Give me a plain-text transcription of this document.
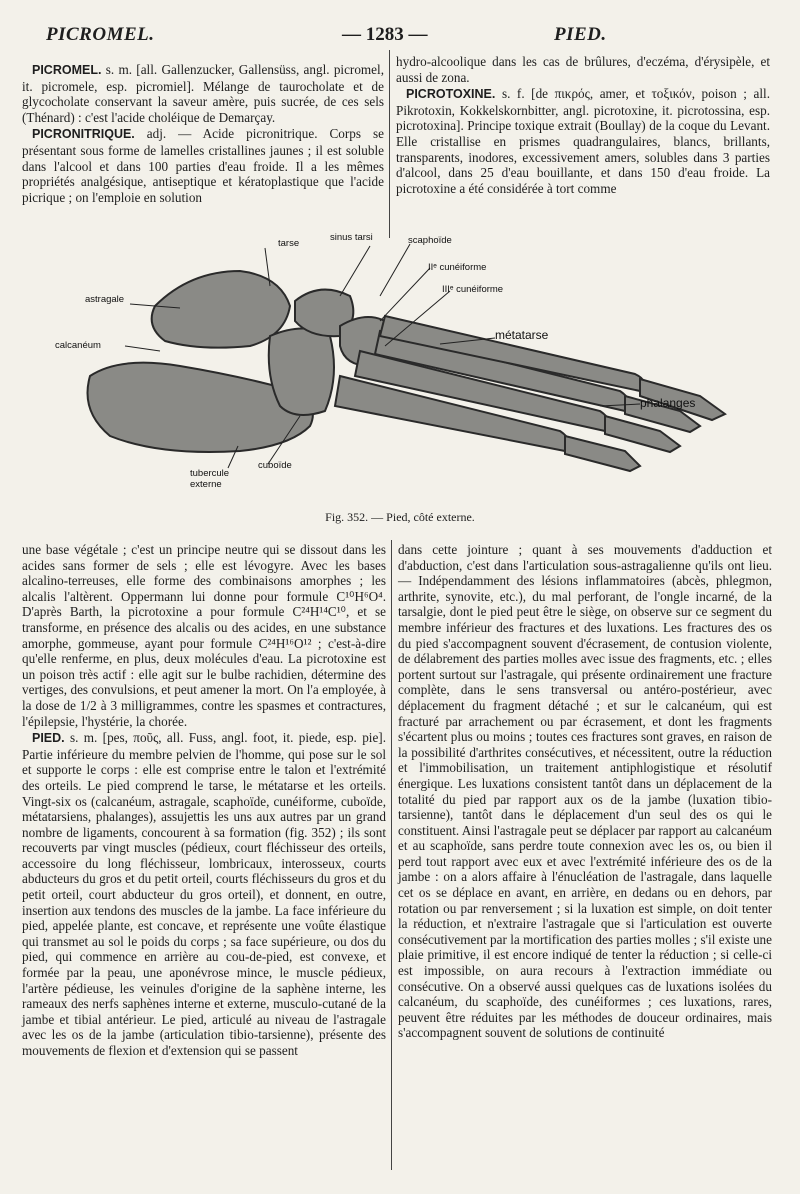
PICROMEL.	— 1283 —	PIED.

PICROMEL. s. m. [all. Gallenzucker, Gallensüss, angl. picromel, it. picromele, esp. picromiel]. Mélange de taurocholate et de glycocholate conservant la saveur amère, puis sucrée, de ces sels (Thénard) : c'est l'acide choléique de Demarçay.

PICRONITRIQUE. adj. — Acide picronitrique. Corps se présentant sous forme de lamelles cristallines jaunes ; il est soluble dans l'alcool et dans 100 parties d'eau froide. Il a les mêmes propriétés analgésique, antiseptique et kératoplastique que l'acide picrique ; on l'emploie en solution

hydro-alcoolique dans les cas de brûlures, d'eczéma, d'érysipèle, et aussi de zona.

PICROTOXINE. s. f. [de πικρός, amer, et τοξικόν, poison ; all. Pikrotoxin, Kokkelskornbitter, angl. picrotoxine, it. picrotossina, esp. picrotoxina]. Principe toxique extrait (Boullay) de la coque du Levant. Elle cristallise en prismes quadrangulaires, blancs, brillants, transparents, inodores, excessivement amers, solubles dans 3 parties d'alcool, dans 25 d'eau bouillante, et dans 150 d'eau froide. La picrotoxine a été considérée à tort comme

astragale
calcanéum
tarse
sinus tarsi	scaphoïde
IIᵉ cunéiforme
IIIᵉ cunéiforme
métatarse
phalanges
tubercule externe
cuboïde
Fig. 352. — Pied, côté externe.

une base végétale ; c'est un principe neutre qui se dissout dans les acides sans former de sels ; elle est lévogyre. Avec les bases alcalino-terreuses, elle forme des combinaisons amorphes ; les alcalis l'altèrent. Oppermann lui donne pour formule C¹⁰H⁶O⁴. D'après Barth, la picrotoxine a pour formule C²⁴H¹⁴C¹⁰, et se transforme, en présence des alcalis ou des acides, en une substance amorphe, gommeuse, ayant pour formule C²⁴H¹⁶O¹² ; c'est-à-dire qu'elle renferme, en plus, deux molécules d'eau. La picrotoxine est un poison très actif : elle agit sur le bulbe rachidien, détermine des vertiges, des convulsions, et peut amener la mort. On l'a employée, à la dose de 1/2 à 3 milligrammes, contre les spasmes et contractures, l'épilepsie, l'hystérie, la chorée.

PIED. s. m. [pes, ποῦς, all. Fuss, angl. foot, it. piede, esp. pie]. Partie inférieure du membre pelvien de l'homme, qui pose sur le sol et supporte le corps : elle est comprise entre le talon et l'extrémité des orteils. Le pied comprend le tarse, le métatarse et les orteils. Vingt-six os (calcanéum, astragale, scaphoïde, cunéiforme, cuboïde, métatarsiens, phalanges), assujettis les uns aux autres par un grand nombre de ligaments, concourent à sa formation (fig. 352) ; ils sont recouverts par vingt muscles (pédieux, court fléchisseur des orteils, accessoire du long fléchisseur, lombricaux, interosseux, courts abducteurs du gros et du petit orteil, courts fléchisseurs du gros et du petit orteil, court abducteur du gros orteil), et donnent, en outre, insertion aux tendons des muscles de la jambe. La face inférieure du pied, appelée plante, est concave, et représente une voûte élastique qui transmet au sol le poids du corps ; sa face supérieure, ou dos du pied, qui commence en arrière au cou-de-pied, est convexe, et formée par la peau, une aponévrose mince, le muscle pédieux, l'artère pédieuse, les veinules d'origine de la saphène interne, les rameaux des nerfs saphènes interne et externe, musculo-cutané de la jambe et tibial antérieur. Le pied, articulé au niveau de l'astragale avec les os de la jambe (articulation tibio-tarsienne), présente des mouvements de flexion et d'extension qui se passent

dans cette jointure ; quant à ses mouvements d'adduction et d'abduction, c'est dans l'articulation sous-astragalienne qu'ils ont lieu. — Indépendamment des lésions inflammatoires (abcès, phlegmon, arthrite, synovite, etc.), du mal perforant, de l'ongle incarné, de la tarsalgie, dont le pied peut être le siège, on observe sur ce segment du membre inférieur des fractures et des luxations. Les fractures des os du pied s'accompagnent souvent d'écrasement, de contusion violente, de délabrement des parties molles avec issue des fragments, etc. ; elles portent surtout sur l'astragale, qui présente ordinairement une fracture complète, dans le sens transversal ou antéro-postérieur, avec déplacement du fragment détaché ; et sur le calcanéum, qui est fracturé par arrachement ou par écrasement, et dont les fragments s'écartent plus ou moins ; toutes ces fractures sont graves, en raison de la possibilité d'arthrites consécutives, et nécessitent, outre la réduction et l'immobilisation, un traitement antiphlogistique et résolutif énergique. Les luxations consistent tantôt dans un déplacement de la totalité du pied par rapport aux os de la jambe (luxation tibio-tarsienne), tantôt dans le déplacement d'un seul des os qui le constituent. Ainsi l'astragale peut se déplacer par rapport au calcanéum et au scaphoïde, sans perdre toute connexion avec les os, ou bien il perd tout rapport avec eux et avec l'extrémité inférieure des os de la jambe : on a alors affaire à l'énucléation de l'astragale, dans laquelle cet os se déplace en avant, en arrière, en dedans ou en dehors, par rotation ou par renversement ; si la luxation est simple, on doit tenter la réduction, et n'extraire l'astragale que si l'articulation est ouverte consécutivement par la mortification des parties molles ; s'il existe une plaie primitive, il est encore indiqué de tenter la réduction ; si celle-ci est impossible, on aura recours à l'extraction immédiate ou consécutive. On a observé aussi quelques cas de luxations isolées du calcanéum, du scaphoïde, des cunéiformes ; ces luxations, rares, peuvent être réduites par les méthodes de douceur ordinaires, mais s'accompagnent souvent de solutions de continuité
